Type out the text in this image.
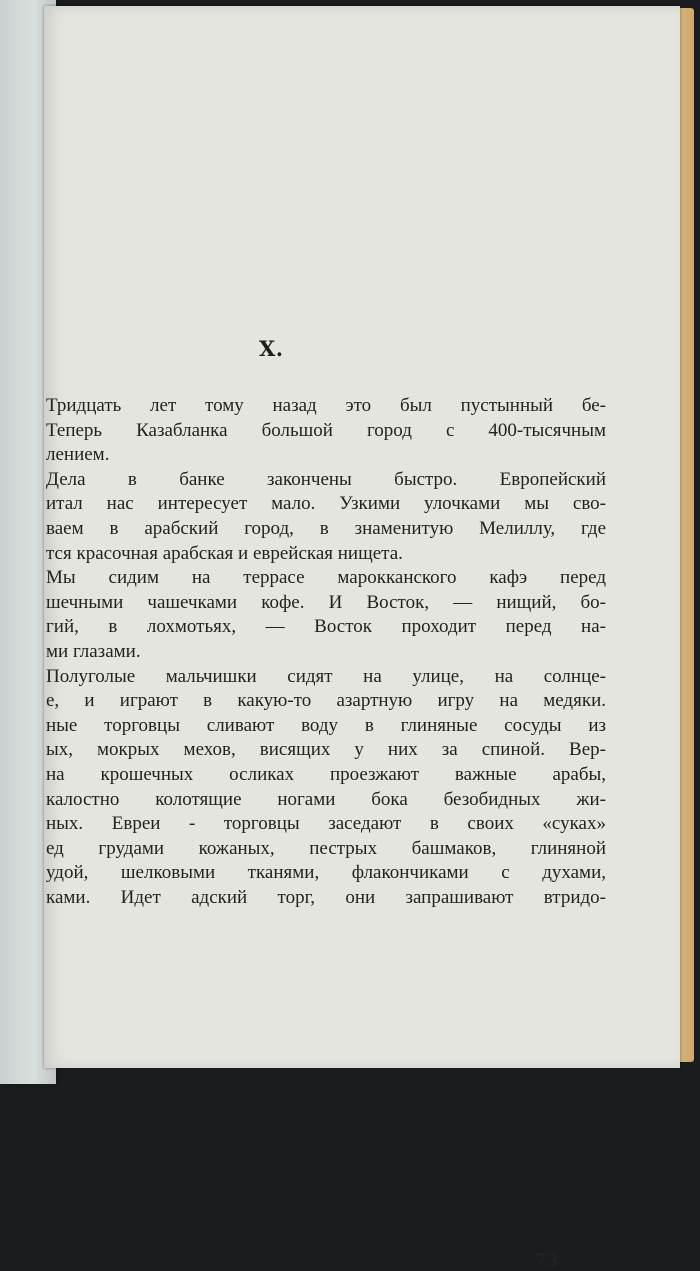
X.
Тридцать лет тому назад это был пустынный бе-
Теперь Казабланка большой город с 400-тысячным
лением.
Дела в банке закончены быстро. Европейский
итал нас интересует мало. Узкими улочками мы сво-
ваем в арабский город, в знаменитую Мелиллу, где
тся красочная арабская и еврейская нищета.
Мы сидим на террасе марокканского кафэ перед
шечными чашечками кофе. И Восток, — нищий, бо-
гий, в лохмотьях, — Восток проходит перед на-
ми глазами.
Полуголые мальчишки сидят на улице, на солнце-
е, и играют в какую-то азартную игру на медяки.
ные торговцы сливают воду в глиняные сосуды из
ых, мокрых мехов, висящих у них за спиной. Вер-
на крошечных осликах проезжают важные арабы,
калостно колотящие ногами бока безобидных жи-
ных. Евреи - торговцы заседают в своих «суках»
ед грудами кожаных, пестрых башмаков, глиняной
удой, шелковыми тканями, флакончиками с духами,
ками. Идет адский торг, они запрашивают втридо-
73
